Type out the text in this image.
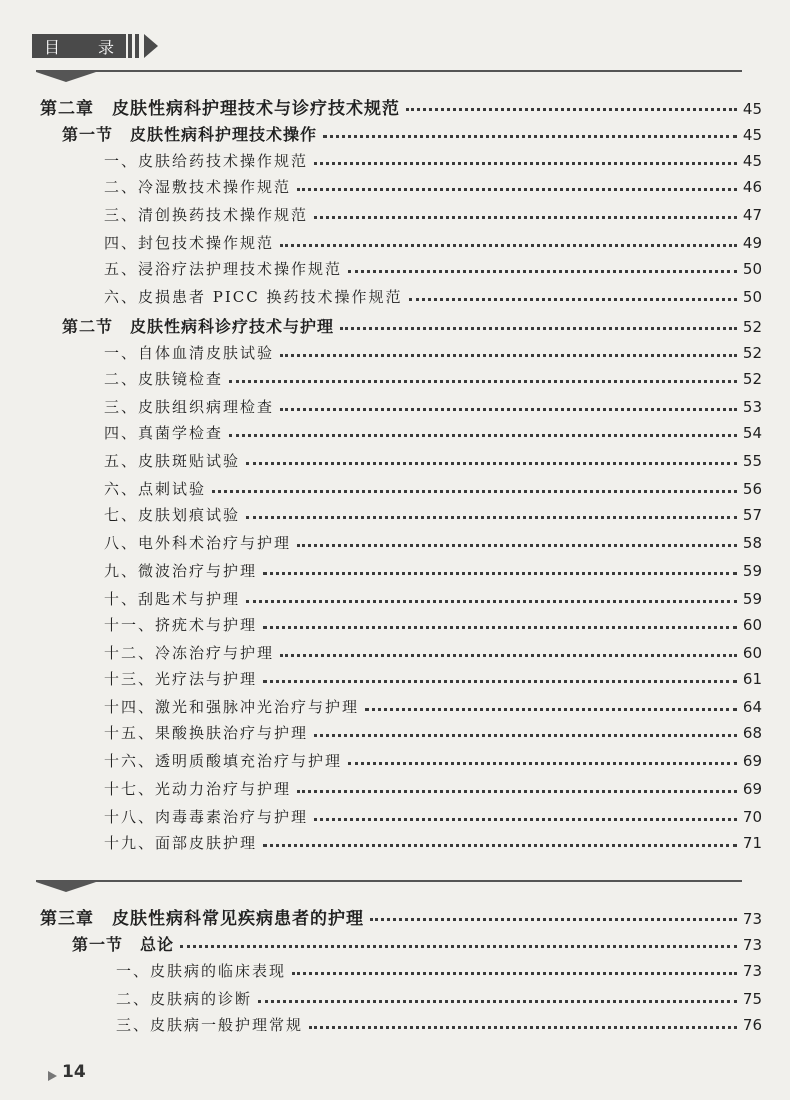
目 录
第二章　皮肤性病科护理技术与诊疗技术规范	45
第一节　皮肤性病科护理技术操作	45
一、皮肤给药技术操作规范	45
二、冷湿敷技术操作规范	46
三、清创换药技术操作规范	47
四、封包技术操作规范	49
五、浸浴疗法护理技术操作规范	50
六、皮损患者 PICC 换药技术操作规范	50
第二节　皮肤性病科诊疗技术与护理	52
一、自体血清皮肤试验	52
二、皮肤镜检查	52
三、皮肤组织病理检查	53
四、真菌学检查	54
五、皮肤斑贴试验	55
六、点刺试验	56
七、皮肤划痕试验	57
八、电外科术治疗与护理	58
九、微波治疗与护理	59
十、刮匙术与护理	59
十一、挤疣术与护理	60
十二、冷冻治疗与护理	60
十三、光疗法与护理	61
十四、激光和强脉冲光治疗与护理	64
十五、果酸换肤治疗与护理	68
十六、透明质酸填充治疗与护理	69
十七、光动力治疗与护理	69
十八、肉毒毒素治疗与护理	70
十九、面部皮肤护理	71
第三章　皮肤性病科常见疾病患者的护理	73
第一节　总论	73
一、皮肤病的临床表现	73
二、皮肤病的诊断	75
三、皮肤病一般护理常规	76
14
